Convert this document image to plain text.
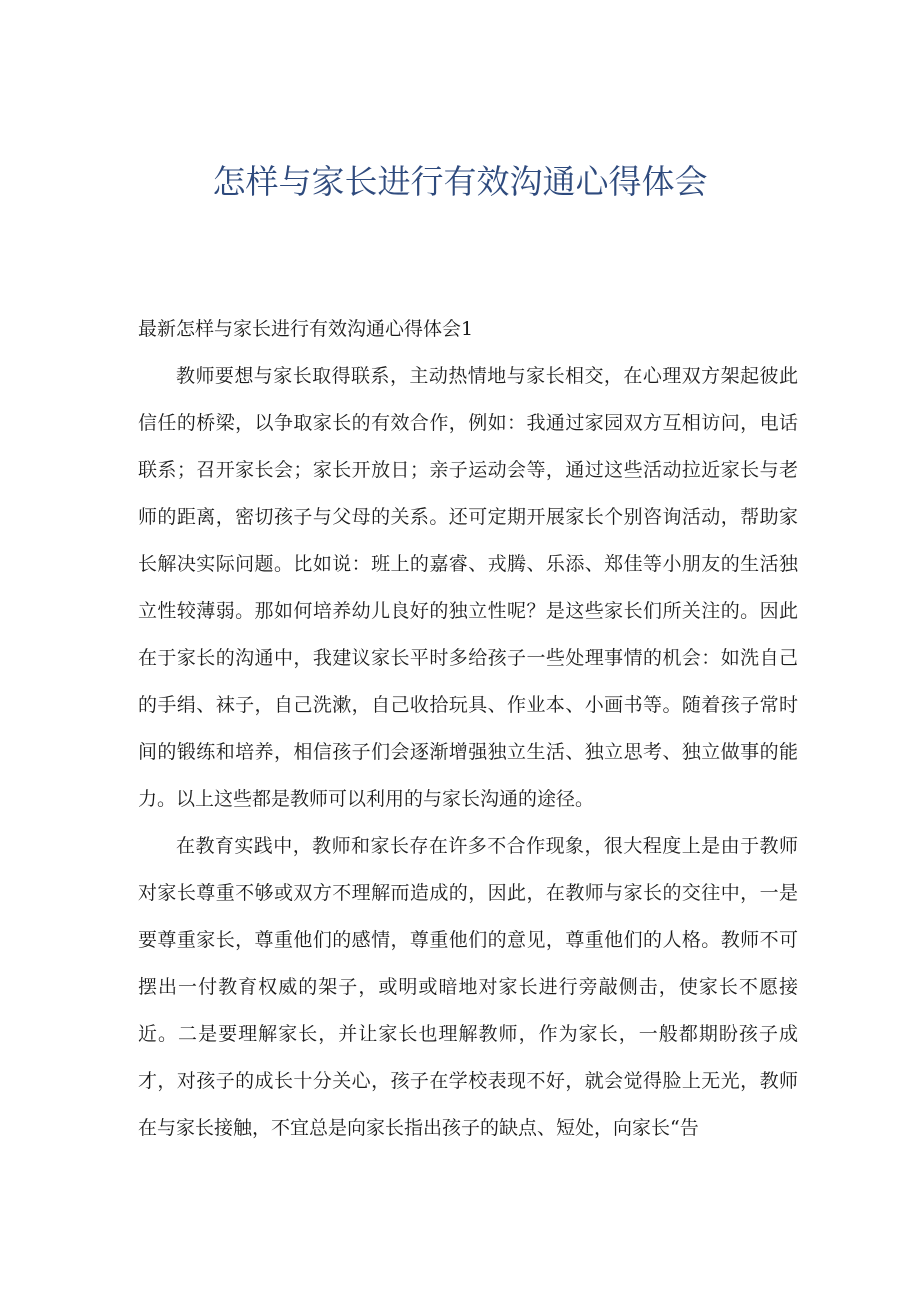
怎样与家长进行有效沟通心得体会

最新怎样与家长进行有效沟通心得体会1

教师要想与家长取得联系，主动热情地与家长相交，在心理双方架起彼此信任的桥梁，以争取家长的有效合作，例如：我通过家园双方互相访问，电话联系；召开家长会；家长开放日；亲子运动会等，通过这些活动拉近家长与老师的距离，密切孩子与父母的关系。还可定期开展家长个别咨询活动，帮助家长解决实际问题。比如说：班上的嘉睿、戎腾、乐添、郑佳等小朋友的生活独立性较薄弱。那如何培养幼儿良好的独立性呢？是这些家长们所关注的。因此在于家长的沟通中，我建议家长平时多给孩子一些处理事情的机会：如洗自己的手绢、袜子，自己洗漱，自己收拾玩具、作业本、小画书等。随着孩子常时间的锻练和培养，相信孩子们会逐渐增强独立生活、独立思考、独立做事的能力。以上这些都是教师可以利用的与家长沟通的途径。

在教育实践中，教师和家长存在许多不合作现象，很大程度上是由于教师对家长尊重不够或双方不理解而造成的，因此，在教师与家长的交往中，一是要尊重家长，尊重他们的感情，尊重他们的意见，尊重他们的人格。教师不可摆出一付教育权威的架子，或明或暗地对家长进行旁敲侧击，使家长不愿接近。二是要理解家长，并让家长也理解教师，作为家长，一般都期盼孩子成才，对孩子的成长十分关心，孩子在学校表现不好，就会觉得脸上无光，教师在与家长接触，不宜总是向家长指出孩子的缺点、短处，向家长“告
